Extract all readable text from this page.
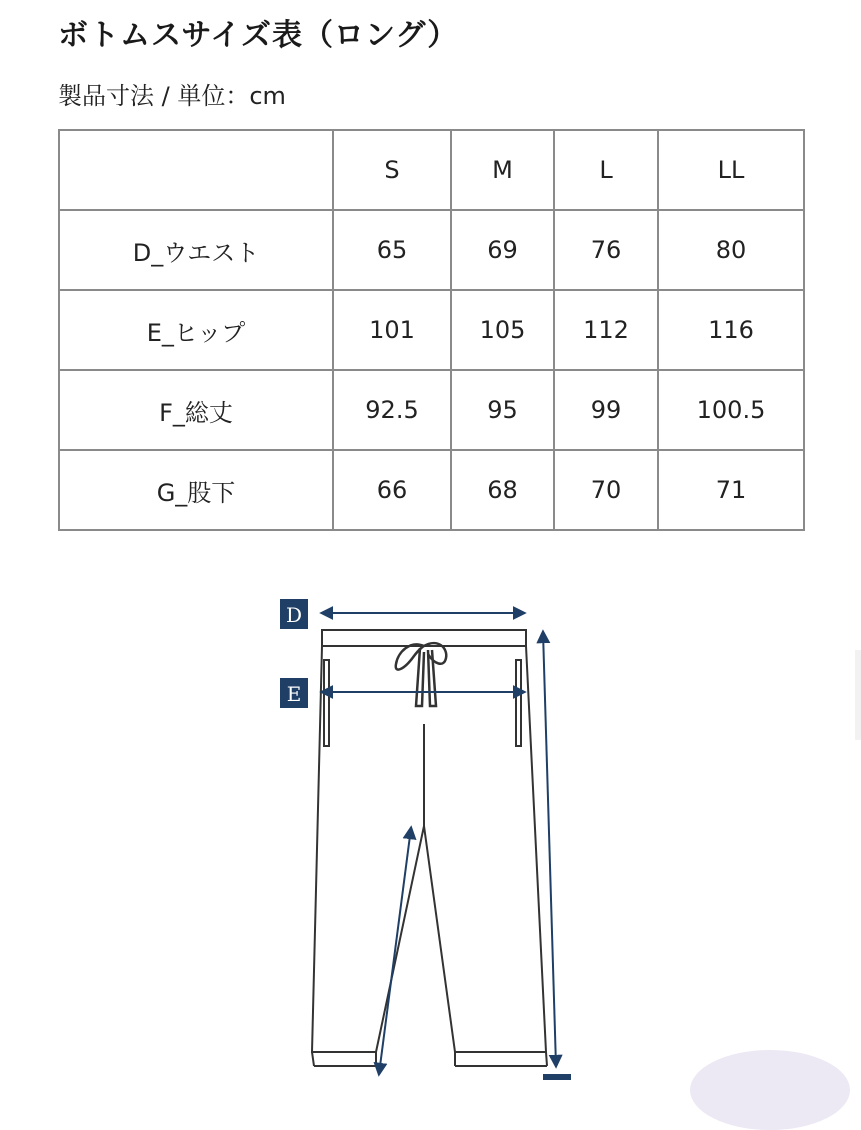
ボトムスサイズ表（ロング）
製品寸法 / 単位：cm
	S	M	L	LL
D_ウエスト	65	69	76	80
E_ヒップ	101	105	112	116
F_総丈	92.5	95	99	100.5
G_股下	66	68	70	71
D
E
